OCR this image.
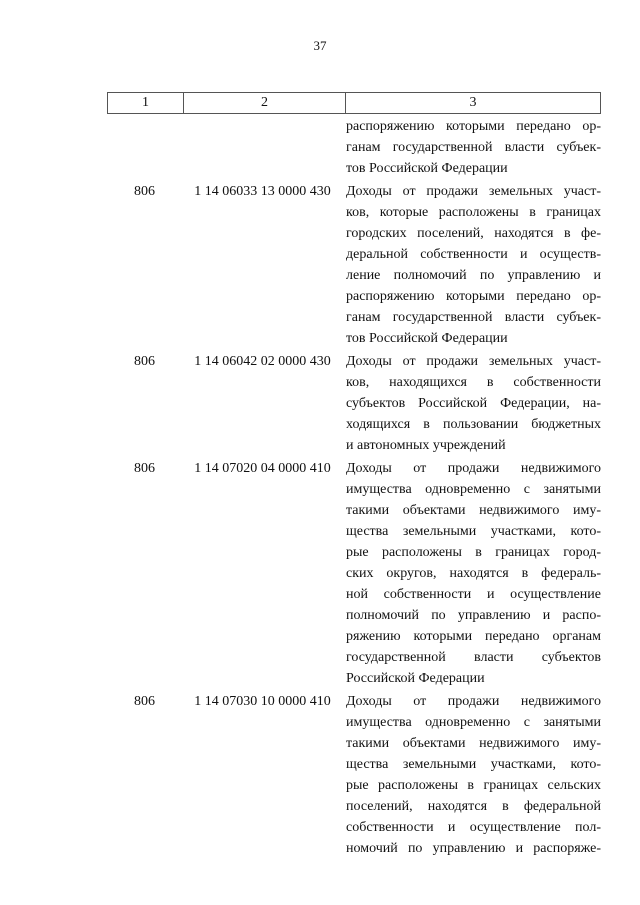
37
1	2	3
распоряжению которыми передано ор-
ганам государственной власти субъек-
тов Российской Федерации
806	1 14 06033 13 0000 430	Доходы от продажи земельных участ-
ков, которые расположены в границах
городских поселений, находятся в фе-
деральной собственности и осуществ-
ление полномочий по управлению и
распоряжению которыми передано ор-
ганам государственной власти субъек-
тов Российской Федерации
806	1 14 06042 02 0000 430	Доходы от продажи земельных участ-
ков, находящихся в собственности
субъектов Российской Федерации, на-
ходящихся в пользовании бюджетных
и автономных учреждений
806	1 14 07020 04 0000 410	Доходы от продажи недвижимого
имущества одновременно с занятыми
такими объектами недвижимого иму-
щества земельными участками, кото-
рые расположены в границах город-
ских округов, находятся в федераль-
ной собственности и осуществление
полномочий по управлению и распо-
ряжению которыми передано органам
государственной власти субъектов
Российской Федерации
806	1 14 07030 10 0000 410	Доходы от продажи недвижимого
имущества одновременно с занятыми
такими объектами недвижимого иму-
щества земельными участками, кото-
рые расположены в границах сельских
поселений, находятся в федеральной
собственности и осуществление пол-
номочий по управлению и распоряже-
